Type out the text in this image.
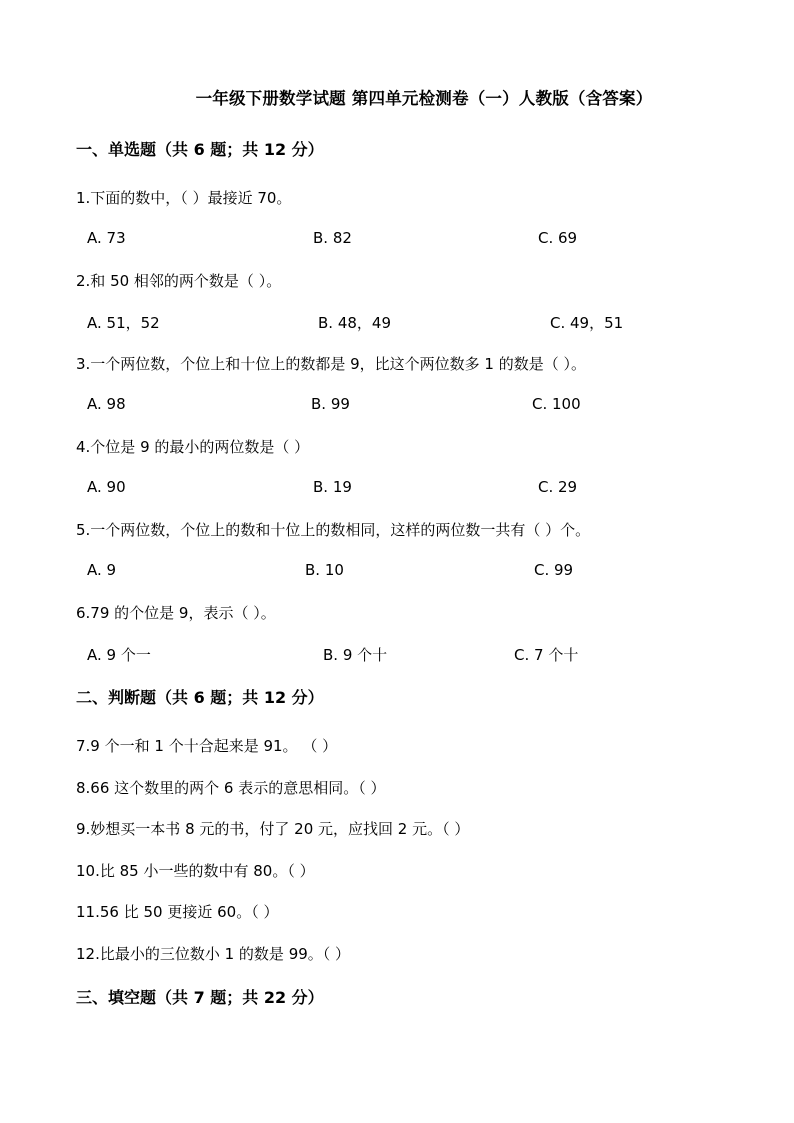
一年级下册数学试题 第四单元检测卷（一）人教版（含答案）
一、单选题（共 6 题；共 12 分）
1.下面的数中，（ ）最接近 70。
A. 73	B. 82	C. 69
2.和 50 相邻的两个数是（ ）。
A. 51，52	B. 48，49	C. 49，51
3.一个两位数，个位上和十位上的数都是 9，比这个两位数多 1 的数是（ ）。
A. 98	B. 99	C. 100
4.个位是 9 的最小的两位数是（ ）
A. 90	B. 19	C. 29
5.一个两位数，个位上的数和十位上的数相同，这样的两位数一共有（ ）个。
A. 9	B. 10	C. 99
6.79 的个位是 9，表示（ ）。
A. 9 个一	B. 9 个十	C. 7 个十
二、判断题（共 6 题；共 12 分）
7.9 个一和 1 个十合起来是 91。 （ ）
8.66 这个数里的两个 6 表示的意思相同。（ ）
9.妙想买一本书 8 元的书，付了 20 元，应找回 2 元。（ ）
10.比 85 小一些的数中有 80。（ ）
11.56 比 50 更接近 60。（ ）
12.比最小的三位数小 1 的数是 99。（ ）
三、填空题（共 7 题；共 22 分）
